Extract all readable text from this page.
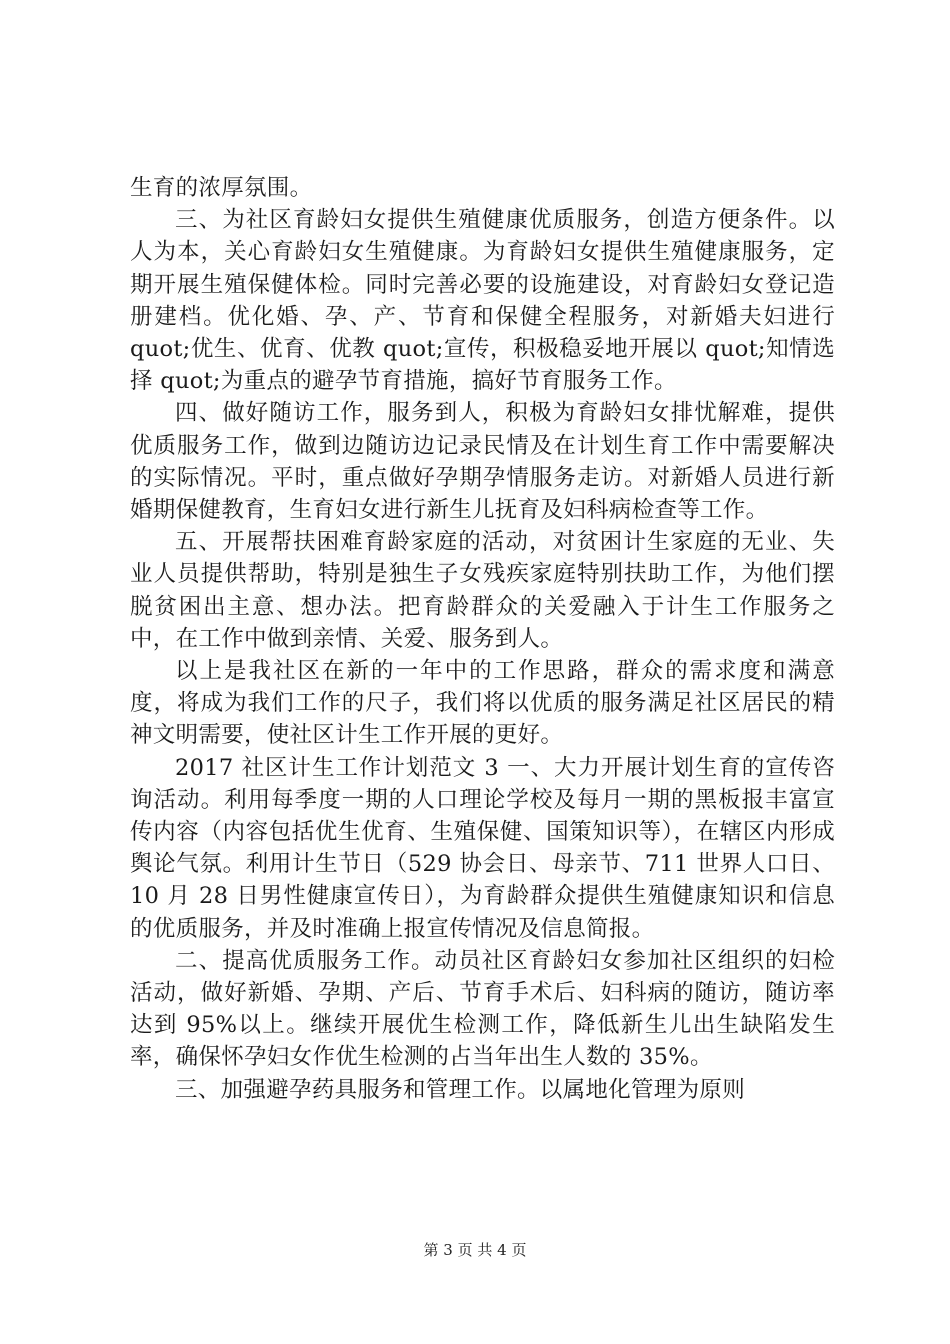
生育的浓厚氛围。

三、为社区育龄妇女提供生殖健康优质服务，创造方便条件。以人为本，关心育龄妇女生殖健康。为育龄妇女提供生殖健康服务，定期开展生殖保健体检。同时完善必要的设施建设，对育龄妇女登记造册建档。优化婚、孕、产、节育和保健全程服务，对新婚夫妇进行 quot;优生、优育、优教 quot;宣传，积极稳妥地开展以 quot;知情选择 quot;为重点的避孕节育措施，搞好节育服务工作。

四、做好随访工作，服务到人，积极为育龄妇女排忧解难，提供优质服务工作，做到边随访边记录民情及在计划生育工作中需要解决的实际情况。平时，重点做好孕期孕情服务走访。对新婚人员进行新婚期保健教育，生育妇女进行新生儿抚育及妇科病检查等工作。

五、开展帮扶困难育龄家庭的活动，对贫困计生家庭的无业、失业人员提供帮助，特别是独生子女残疾家庭特别扶助工作，为他们摆脱贫困出主意、想办法。把育龄群众的关爱融入于计生工作服务之中，在工作中做到亲情、关爱、服务到人。

以上是我社区在新的一年中的工作思路，群众的需求度和满意度，将成为我们工作的尺子，我们将以优质的服务满足社区居民的精神文明需要，使社区计生工作开展的更好。

2017 社区计生工作计划范文 3 一、大力开展计划生育的宣传咨询活动。利用每季度一期的人口理论学校及每月一期的黑板报丰富宣传内容（内容包括优生优育、生殖保健、国策知识等），在辖区内形成舆论气氛。利用计生节日（529 协会日、母亲节、711 世界人口日、10 月 28 日男性健康宣传日），为育龄群众提供生殖健康知识和信息的优质服务，并及时准确上报宣传情况及信息简报。

二、提高优质服务工作。动员社区育龄妇女参加社区组织的妇检活动，做好新婚、孕期、产后、节育手术后、妇科病的随访，随访率达到 95%以上。继续开展优生检测工作，降低新生儿出生缺陷发生率，确保怀孕妇女作优生检测的占当年出生人数的 35%。

三、加强避孕药具服务和管理工作。以属地化管理为原则

第 3 页 共 4 页
